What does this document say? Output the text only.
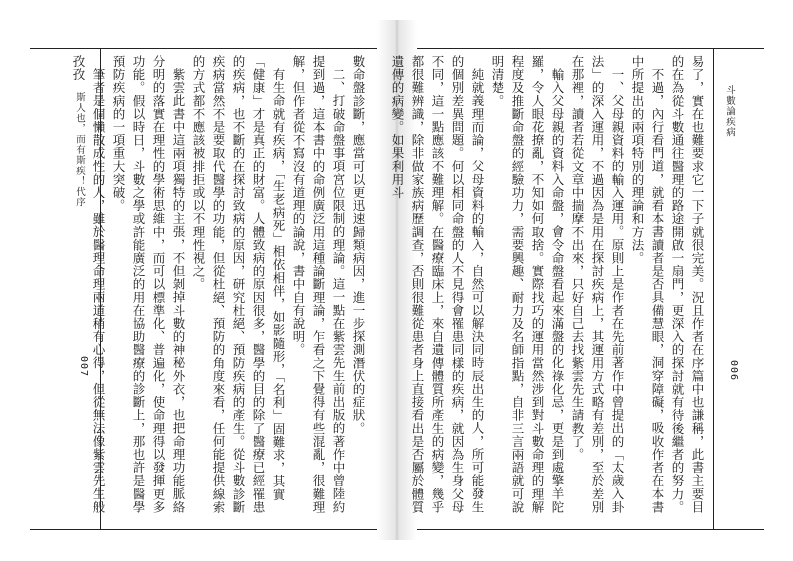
斗數論疾病
006
易了，實在也難要求它一下子就很完美。況且作者在序篇中也謙稱，此書主要目的在為從斗數通往醫理的路途開啟一扇門，更深入的探討就有待後繼者的努力。
不過，內行看門道，就看本書讀者是否具備慧眼，洞穿障礙，吸收作者在本書中所提出的兩項特別的理論和方法。
一、父母親資料的輸入運用。原則上是作者在先前著作中曾提出的「太歲入卦法」的深入運用，不過因為是用在探討疾病上，其運用方式略有差別，至於差別在那裡，讀者若從文章中揣摩不出來，只好自己去找紫雲先生請教了。
輸入父母親的資料入命盤，會令命盤看起來滿盤的化祿化忌，更是到處擎羊陀羅，令人眼花撩亂，不知如何取捨。實際找巧的運用當然涉到對斗數命理的理解程度及推斷命盤的經驗功力，需要興趣、耐力及名師指點，自非三言兩語就可說明清楚。
純就義理而論，父母資料的輸入，自然可以解決同時辰出生的人，所可能發生的個別差異問題。何以相同命盤的人不見得會罹患同樣的疾病，就因為生身父母不同，這一點應該不難理解。在醫療臨床上，來自遺傳體質所產生的病變，幾乎都很難辨識，除非做家族病歷調查，否則很難從患者身上直接看出是否屬於體質遺傳的病變。如果利用斗
斯人也，而有斯疾！代序
007	數命盤診斷，應當可以更迅速歸類病因，進一步探測潛伏的症狀。
二、打破命盤事項宮位限制的理論。這一點在紫雲先生前出版的著作中曾陸約提到過，這本書中的命例廣泛用這種論斷理論，乍看之下覺得有些混亂，很難理解，但作者從不寫沒有道理的論說，書中自有說明。
有生命就有疾病，「生老病死」相依相伴，如影隨形，「名利」固難求，其實「健康」才是真正的財富。人體致病的原因很多，醫學的目的除了醫療已經罹患的疾病，也不斷的在探討致病的原因，研究杜絕、預防疾病的產生。從斗數診斷疾病當然不是要取代醫學的功能，但從杜絕、預防的角度來看，任何能提供線索的方式都不應該被排拒或以不理性視之。
紫雲此書中這兩項獨特的主張，不但剝掉斗數的神秘外衣，也把命理功能脈絡分明的落實在理性的學術思維中，而可以標準化、普遍化，使命理得以發揮更多功能。假以時日，斗數之學或許能廣泛的用在協助醫療的診斷上，那也許是醫學預防疾病的一項重大突破。
筆者是個懶散成性的人，雖於醫理命理兩道稍有心得，但從無法像紫雲先生般孜孜
